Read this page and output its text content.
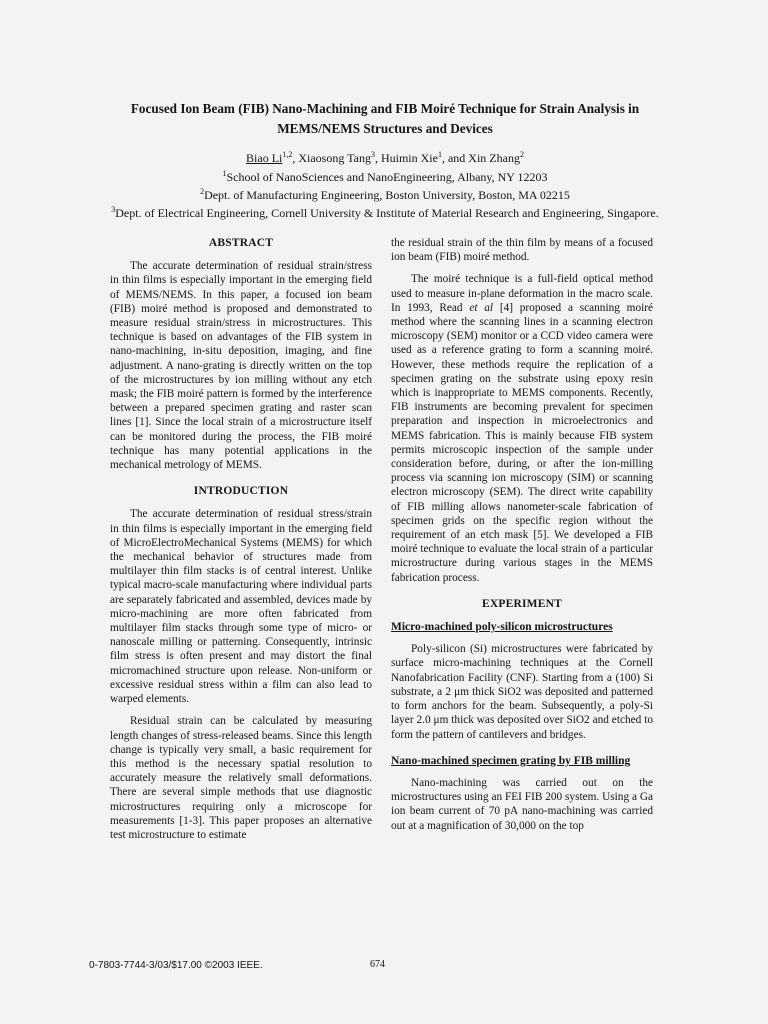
Focused Ion Beam (FIB) Nano-Machining and FIB Moiré Technique for Strain Analysis in MEMS/NEMS Structures and Devices
Biao Li$^{1,2}$, Xiaosong Tang$^3$, Huimin Xie$^1$, and Xin Zhang$^2$
$^1$School of NanoSciences and NanoEngineering, Albany, NY 12203
$^2$Dept. of Manufacturing Engineering, Boston University, Boston, MA 02215
$^3$Dept. of Electrical Engineering, Cornell University & Institute of Material Research and Engineering, Singapore.
ABSTRACT

The accurate determination of residual strain/stress in thin films is especially important in the emerging field of MEMS/NEMS. In this paper, a focused ion beam (FIB) moiré method is proposed and demonstrated to measure residual strain/stress in microstructures. This technique is based on advantages of the FIB system in nano-machining, in-situ deposition, imaging, and fine adjustment. A nano-grating is directly written on the top of the microstructures by ion milling without any etch mask; the FIB moiré pattern is formed by the interference between a prepared specimen grating and raster scan lines [1]. Since the local strain of a microstructure itself can be monitored during the process, the FIB moiré technique has many potential applications in the mechanical metrology of MEMS.

INTRODUCTION

The accurate determination of residual stress/strain in thin films is especially important in the emerging field of MicroElectroMechanical Systems (MEMS) for which the mechanical behavior of structures made from multilayer thin film stacks is of central interest. Unlike typical macro-scale manufacturing where individual parts are separately fabricated and assembled, devices made by micro-machining are more often fabricated from multilayer film stacks through some type of micro- or nanoscale milling or patterning. Consequently, intrinsic film stress is often present and may distort the final micromachined structure upon release. Non-uniform or excessive residual stress within a film can also lead to warped elements.

Residual strain can be calculated by measuring length changes of stress-released beams. Since this length change is typically very small, a basic requirement for this method is the necessary spatial resolution to accurately measure the relatively small deformations. There are several simple methods that use diagnostic microstructures requiring only a microscope for measurements [1-3]. This paper proposes an alternative test microstructure to estimate

the residual strain of the thin film by means of a focused ion beam (FIB) moiré method.

The moiré technique is a full-field optical method used to measure in-plane deformation in the macro scale. In 1993, Read et al [4] proposed a scanning moiré method where the scanning lines in a scanning electron microscopy (SEM) monitor or a CCD video camera were used as a reference grating to form a scanning moiré. However, these methods require the replication of a specimen grating on the substrate using epoxy resin which is inappropriate to MEMS components. Recently, FIB instruments are becoming prevalent for specimen preparation and inspection in microelectronics and MEMS fabrication. This is mainly because FIB system permits microscopic inspection of the sample under consideration before, during, or after the ion-milling process via scanning ion microscopy (SIM) or scanning electron microscopy (SEM). The direct write capability of FIB milling allows nanometer-scale fabrication of specimen grids on the specific region without the requirement of an etch mask [5]. We developed a FIB moiré technique to evaluate the local strain of a particular microstructure during various stages in the MEMS fabrication process.

EXPERIMENT
Micro-machined poly-silicon microstructures

Poly-silicon (Si) microstructures were fabricated by surface micro-machining techniques at the Cornell Nanofabrication Facility (CNF). Starting from a (100) Si substrate, a 2 μm thick SiO2 was deposited and patterned to form anchors for the beam. Subsequently, a poly-Si layer 2.0 μm thick was deposited over SiO2 and etched to form the pattern of cantilevers and bridges.

Nano-machined specimen grating by FIB milling

Nano-machining was carried out on the microstructures using an FEI FIB 200 system. Using a Ga ion beam current of 70 pA nano-machining was carried out at a magnification of 30,000 on the top

0-7803-7744-3/03/$17.00 ©2003 IEEE.	674
